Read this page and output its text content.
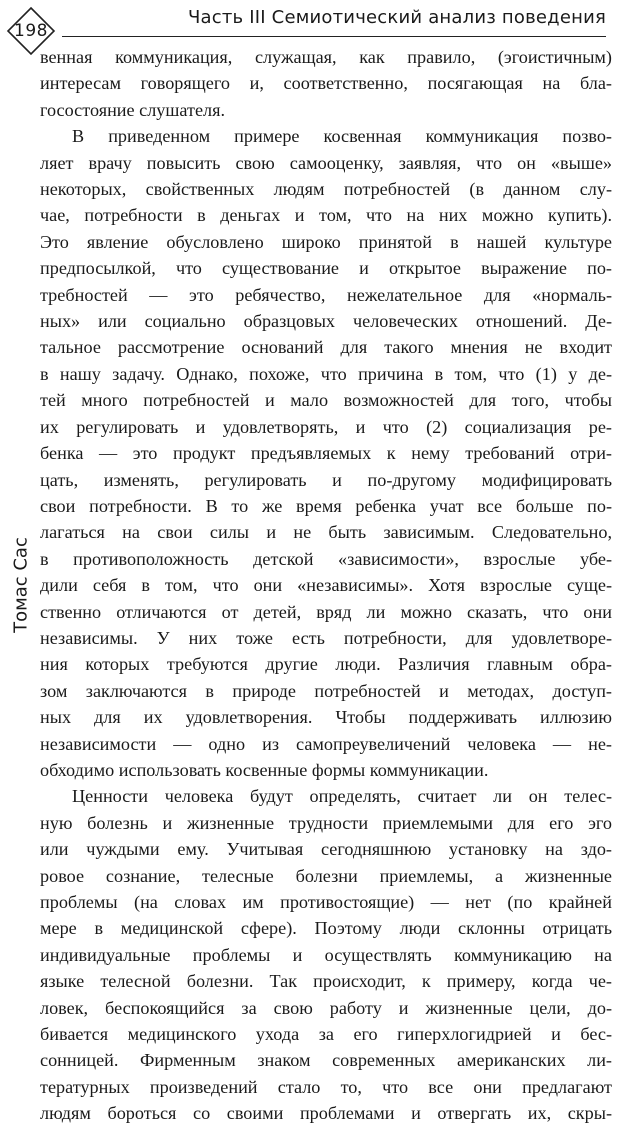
198
Часть III Семиотический анализ поведения
Томас Сас
венная коммуникация, служащая, как правило, (эгоистичным)
интересам говорящего и, соответственно, посягающая на бла-
госостояние слушателя.
В приведенном примере косвенная коммуникация позво-
ляет врачу повысить свою самооценку, заявляя, что он «выше»
некоторых, свойственных людям потребностей (в данном слу-
чае, потребности в деньгах и том, что на них можно купить).
Это явление обусловлено широко принятой в нашей культуре
предпосылкой, что существование и открытое выражение по-
требностей — это ребячество, нежелательное для «нормаль-
ных» или социально образцовых человеческих отношений. Де-
тальное рассмотрение оснований для такого мнения не входит
в нашу задачу. Однако, похоже, что причина в том, что (1) у де-
тей много потребностей и мало возможностей для того, чтобы
их регулировать и удовлетворять, и что (2) социализация ре-
бенка — это продукт предъявляемых к нему требований отри-
цать, изменять, регулировать и по-другому модифицировать
свои потребности. В то же время ребенка учат все больше по-
лагаться на свои силы и не быть зависимым. Следовательно,
в противоположность детской «зависимости», взрослые убе-
дили себя в том, что они «независимы». Хотя взрослые суще-
ственно отличаются от детей, вряд ли можно сказать, что они
независимы. У них тоже есть потребности, для удовлетворе-
ния которых требуются другие люди. Различия главным обра-
зом заключаются в природе потребностей и методах, доступ-
ных для их удовлетворения. Чтобы поддерживать иллюзию
независимости — одно из самопреувеличений человека — не-
обходимо использовать косвенные формы коммуникации.
Ценности человека будут определять, считает ли он телес-
ную болезнь и жизненные трудности приемлемыми для его эго
или чуждыми ему. Учитывая сегодняшнюю установку на здо-
ровое сознание, телесные болезни приемлемы, а жизненные
проблемы (на словах им противостоящие) — нет (по крайней
мере в медицинской сфере). Поэтому люди склонны отрицать
индивидуальные проблемы и осуществлять коммуникацию на
языке телесной болезни. Так происходит, к примеру, когда че-
ловек, беспокоящийся за свою работу и жизненные цели, до-
бивается медицинского ухода за его гиперхлогидрией и бес-
сонницей. Фирменным знаком современных американских ли-
тературных произведений стало то, что все они предлагают
людям бороться со своими проблемами и отвергать их, скры-
